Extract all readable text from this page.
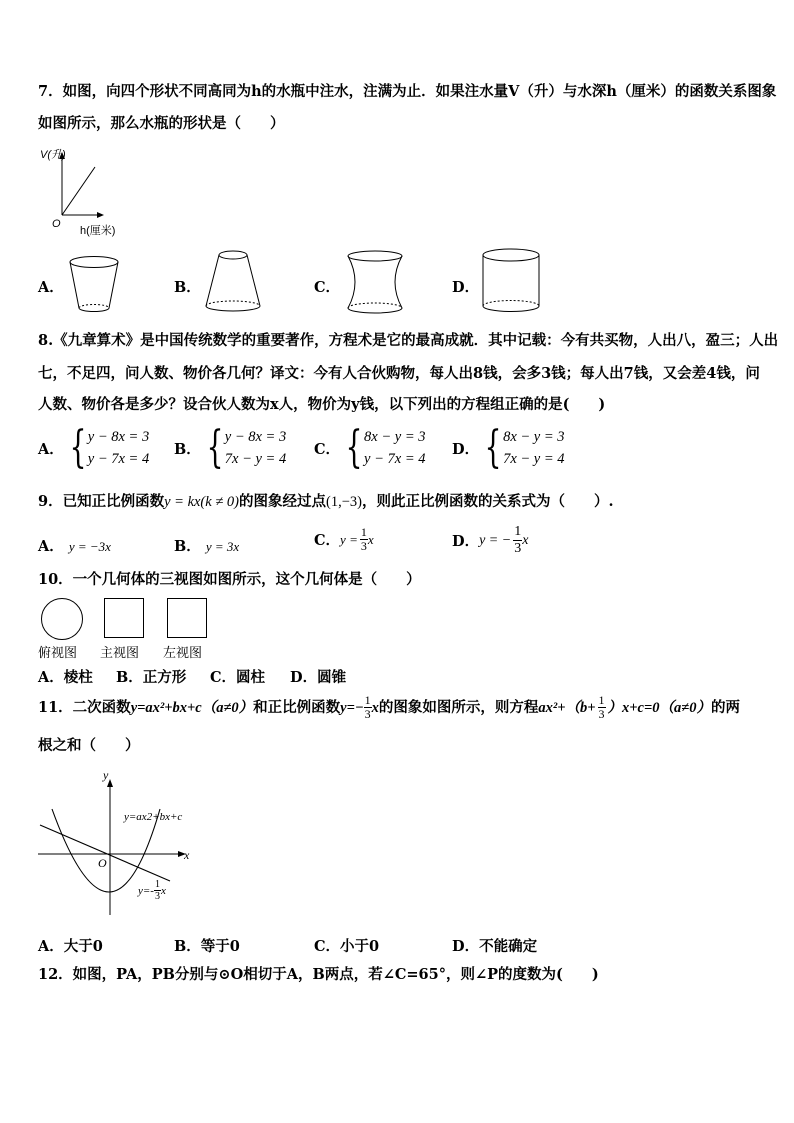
7．如图，向四个形状不同高同为h的水瓶中注水，注满为止．如果注水量V（升）与水深h（厘米）的函数关系图象
如图所示，那么水瓶的形状是（　　）
V(升)
O
h(厘米)
A．	B．	C．	D．
8.《九章算术》是中国传统数学的重要著作，方程术是它的最高成就．其中记载：今有共买物，人出八，盈三；人出
七，不足四，问人数、物价各几何？译文：今有人合伙购物，每人出8钱，会多3钱；每人出7钱，又会差4钱，问
人数、物价各是多少？设合伙人数为x人，物价为y钱，以下列出的方程组正确的是(　　)
A． { y − 8x = 3
y − 7x = 4
B． { y − 8x = 3
7x − y = 4
C． { 8x − y = 3
y − 7x = 4
D． { 8x − y = 3
7x − y = 4
9．已知正比例函数y = kx(k ≠ 0)的图象经过点(1,−3)，则此正比例函数的关系式为（　　）.
A． y = −3x	B． y = 3x	C． $y = \frac{1}{3}$ x	D． y = − $\frac{1}{3}$ x
10．一个几何体的三视图如图所示，这个几何体是（　　）
俯视图 主视图 左视图
A．棱柱 B．正方形 C．圆柱 D．圆锥
11．二次函数 y=ax²+bx+c（a≠0） 和正比例函数 $y=- \frac{1}{3}$ x 的图象如图所示，则方程 $ax^2+(b+ \frac{1}{3} )x+c=0(a\ne 0)$ 的两
根之和（　　）
y
x
O
y=ax2+bx+c
$y=- \frac{1}{3}$ x
A．大于0	B．等于0	C．小于0	D．不能确定
12．如图，PA，PB分别与⊙O相切于A，B两点，若∠C=65°，则∠P的度数为(　　)
